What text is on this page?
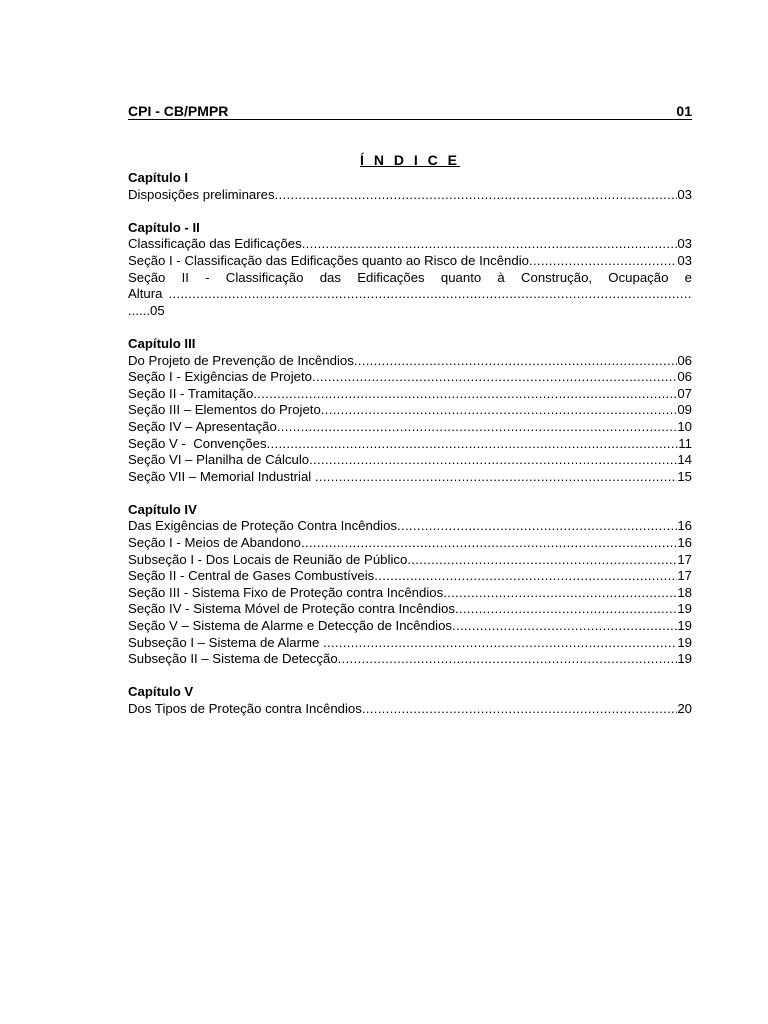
CPI - CB/PMPR	01
Í N D I C E
Capítulo I
Disposições preliminares .....	03
Capítulo - II
Classificação das Edificações .....	03
Seção I - Classificação das Edificações quanto ao Risco de Incêndio .....	03
Seção II - Classificação das Edificações quanto à Construção, Ocupação e
Altura
.....
......05
Capítulo III
Do Projeto de Prevenção de Incêndios .....	06
Seção I - Exigências de Projeto .....	06
Seção II - Tramitação .....	07
Seção III – Elementos do Projeto .....	09
Seção IV – Apresentação .....	10
Seção V -  Convenções .....	11
Seção VI – Planilha de Cálculo .....	14
Seção VII – Memorial Industrial .....	15
Capítulo IV
Das Exigências de Proteção Contra Incêndios .....	16
Seção I - Meios de Abandono .....	16
Subseção I - Dos Locais de Reunião de Público .....	17
Seção II - Central de Gases Combustíveis .....	17
Seção III - Sistema Fixo de Proteção contra Incêndios .....	18
Seção IV - Sistema Móvel de Proteção contra Incêndios .....	19
Seção V – Sistema de Alarme e Detecção de Incêndios .....	19
Subseção I – Sistema de Alarme .....	19
Subseção II – Sistema de Detecção .....	19
Capítulo V
Dos Tipos de Proteção contra Incêndios .....	20
